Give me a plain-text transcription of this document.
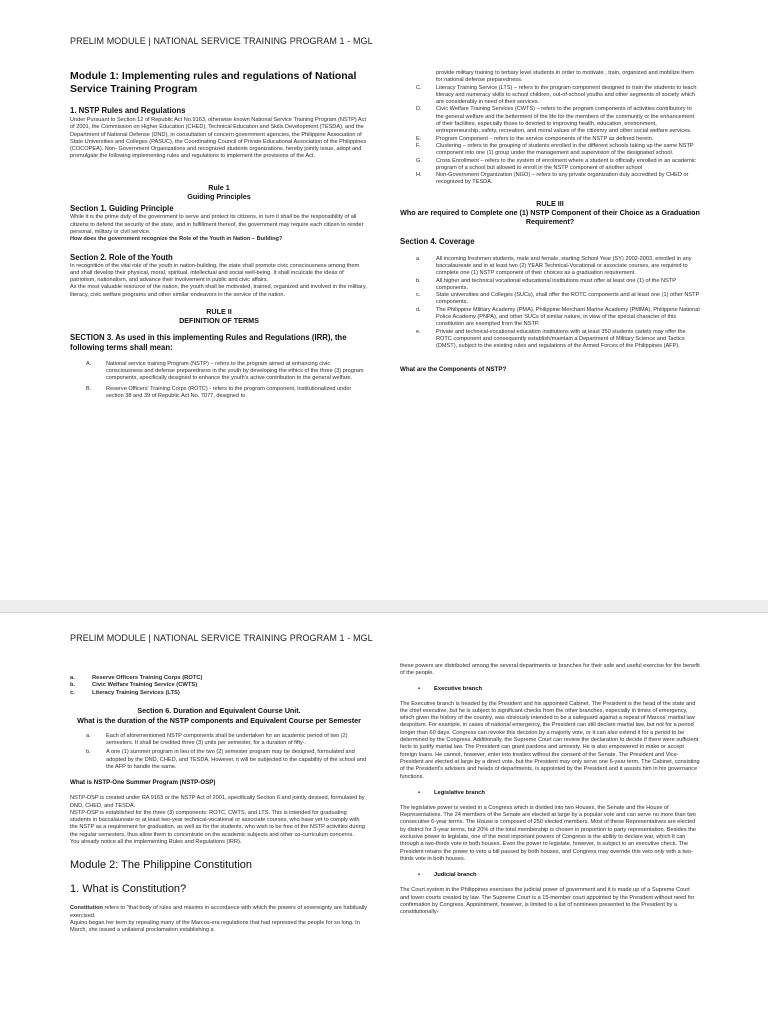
PRELIM MODULE | NATIONAL SERVICE TRAINING PROGRAM 1 - MGL

Module 1: Implementing rules and regulations of National Service Training Program

1. NSTP Rules and Regulations

Under Pursuant to Section 12 of Republic Act No.9163, otherwise known National Service Training Program (NSTP) Act of 2001, the Commission on Higher Education (CHED), Technical Education and Skills Development (TESDA), and the Department of National Defense (DND), in consultation of concern government agencies, the Philippine Association of State Universities and Colleges (PASUC), the Coordinating Council of Private Educational Association of the Philippines (COCOPEA), Non- Government Organizations and recognized students organizations, hereby jointly issue, adopt and promulgate the following implementing rules and regulations to implement the provisions of the Act.

Rule 1

Guiding Principles

Section 1. Guiding Principle

While it is the prime duty of the government to serve and protect its citizens, in turn it shall be the responsibility of all citizens to defend the security of the state, and in fulfillment thereof, the government may require each citizen to render personal, military or civil service.

How does the government recognize the Role of the Youth in Nation – Building?

Section 2. Role of the Youth

In recognition of the vital role of the youth in nation-building, the state shall promote civic consciousness among them and shall develop their physical, moral, spiritual, intellectual and social well-being. It shall inculcate the ideas of patriotism, nationalism, and advance their involvement in public and civic affairs.

As the most valuable resource of the nation, the youth shall be motivated, trained, organized and involved in the military, literacy, civic welfare programs and other similar endeavors in the service of the nation.

RULE II

DEFINITION OF TERMS

SECTION 3. As used in this implementing Rules and Regulations (IRR), the following terms shall mean:

A.	National service training Program (NSTP) – refers to the program aimed at enhancing civic consciousness and defense preparedness in the youth by developing the ethics of the three (3) program components, specifically designed to enhance the youth's active contribution to the general welfare.
B.	Reserve Officers' Training Corps (ROTC) - refers to the program component, institutionalized under section 38 and 39 of Republic Act No. 7077, designed to
provide military training to tertiary level students in order to motivate , train, organized and mobilize them for national defense preparedness.
C.	Literacy Training Service (LTS) – refers to the program component designed to train the students to teach literacy and numeracy skills to school children, out-of-school youths and other segments of society which are considerably in need of their services.
D.	Civic Welfare Training Services (CWTS) – refers to the program components of activities contributory to the general welfare and the betterment of the life for the members of the community or the enhancement of their facilities, especially those to devoted to improving health, education, environment, entrepreneurship, safety, recreation, and moral values of the citizenry and other social welfare services.
E.	Program Component – refers to the service components of the NSTP as defined herein.
F.	Clustering – refers to the grouping of students enrolled in the different schools taking up the same NSTP component into one (1) group under the management and supervision of the designated school.
G.	Cross Enrollment – refers to the system of enrolment where a student is officially enrolled in an academic program of a school but allowed to enroll in the NSTP component of another school
H.	Non-Government Organization (NGO) – refers to any private organization duly accredited by CHED or recognized by TESDA.

RULE III

Who are required to Complete one (1) NSTP Component of their Choice as a Graduation Requirement?

Section 4. Coverage

a.	All incoming freshmen students, male and female, starting School Year (SY) 2002-2003, enrolled in any baccalaureate and in at least two (2) YEAR Technical-Vocational or associate courses, are required to complete one (1) NSTP component of their choices as a graduation requirement.
b.	All higher and technical vocational educational institutions must offer at least one (1) of the NSTP components.
c.	State universities and Colleges (SUCs), shall offer the ROTC components and at least one (1) other NSTP components.
d.	The Philippine Military Academy (PMA), Philippine Merchant Marine Academy (PMMA), Philippine National Police Academy (PNPA), and other SUCs of similar nature, in view of the special character of this constitution are exempted from the NSTP.
e.	Private and technical-vocational education institutions with at least 350 students cadets may offer the ROTC component and consequently establish/maintain a Department of Military Science and Tactics (DMST), subject to the existing rules and regulations of the Armed Forces of the Philippines (AFP).

What are the Components of NSTP?

PRELIM MODULE | NATIONAL SERVICE TRAINING PROGRAM 1 - MGL
a.	Reserve Officers Training Corps (ROTC)
b.	Civic Welfare Training Service (CWTS)
c.	Literacy Training Services (LTS)

Section 6. Duration and Equivalent Course Unit.

What is the duration of the NSTP components and Equivalent Course per Semester

a.	Each of aforementioned NSTP components shall be undertaken for an academic period of two (2) semesters. It shall be credited three (3) units per semester, for a duration of fifty-.
b.	A one (1) summer program in lieu of the two (2) semester program may be designed, formulated and adopted by the DND, CHED, and TESDA. However, it will be subjected to the capability of the school and the AFP to handle the same.

What is NSTP-One Summer Program (NSTP-OSP)

NSTP-OSP is created under RA 9163 or the NSTP Act of 2001, specifically Section 6 and jointly devised, formulated by DND, CHED, and TESDA.

NSTP-OSP is established for the three (3) components: ROTC, CWTS, and LTS. This is intended for graduating students in baccalaureate or at least two-year technical-vocational or associate courses, who have yet to comply with the NSTP as a requirement for graduation, as well as for the students, who wish to be free of the NSTP activities during the regular semesters, thus allow them to concentrate on the academic subjects and other co-curriculum concerns.

You already notice all the implementing Rules and Regulations (IRR).

Module 2: The Philippine Constitution

1. What is Constitution?

Constitution refers to "that body of rules and maxims in accordance with which the powers of sovereignty are habitually exercised.

Aquino began her term by repealing many of the Marcos-era regulations that had repressed the people for so long. In March, she issued a unilateral proclamation establishing a

these powers are distributed among the several departments or branches for their safe and useful exercise for the benefit of the people.

• Executive branch

The Executive branch is headed by the President and his appointed Cabinet. The President is the head of the state and the chief executive, but he is subject to significant checks from the other branches, especially in times of emergency, which given the history of the country, was obviously intended to be a safeguard against a repeat of Marcos' martial law despotism. For example, in cases of national emergency, the President can still declare martial law, but not for a period longer than 60 days. Congress can revoke this decision by a majority vote, or it can also extend it for a period to be determined by the Congress. Additionally, the Supreme Court can review the declaration to decide if there were sufficient facts to justify martial law. The President can grant pardons and amnesty. He is also empowered to make or accept foreign loans. He cannot, however, enter into treaties without the consent of the Senate. The President and Vice-President are elected at large by a direct vote, but the President may only serve one 6-year term. The Cabinet, consisting of the President's advisers and heads of departments, is appointed by the President and it assists him in his governance functions.

• Legislative branch

The legislative power is vested in a Congress which is divided into two Houses, the Senate and the House of Representatives. The 24 members of the Senate are elected at large by a popular vote and can serve no more than two consecutive 6-year terms. The House is composed of 250 elected members. Most of these Representatives are elected by district for 3-year terms, but 20% of the total membership is chosen in proportion to party representation. Besides the exclusive power to legislate, one of the most important powers of Congress is the ability to declare war, which it can through a two-thirds vote in both houses. Even the power to legislate, however, is subject to an executive check. The President retains the power to veto a bill passed by both houses, and Congress may override this veto only with a two-thirds vote in both houses.

• Judicial branch

The Court system in the Philippines exercises the judicial power of government and it is made up of a Supreme Court and lower courts created by law. The Supreme Court is a 15-member court appointed by the President without need for confirmation by Congress. Appointment, however, is limited to a list of nominees presented to the President by a constitutionally-
